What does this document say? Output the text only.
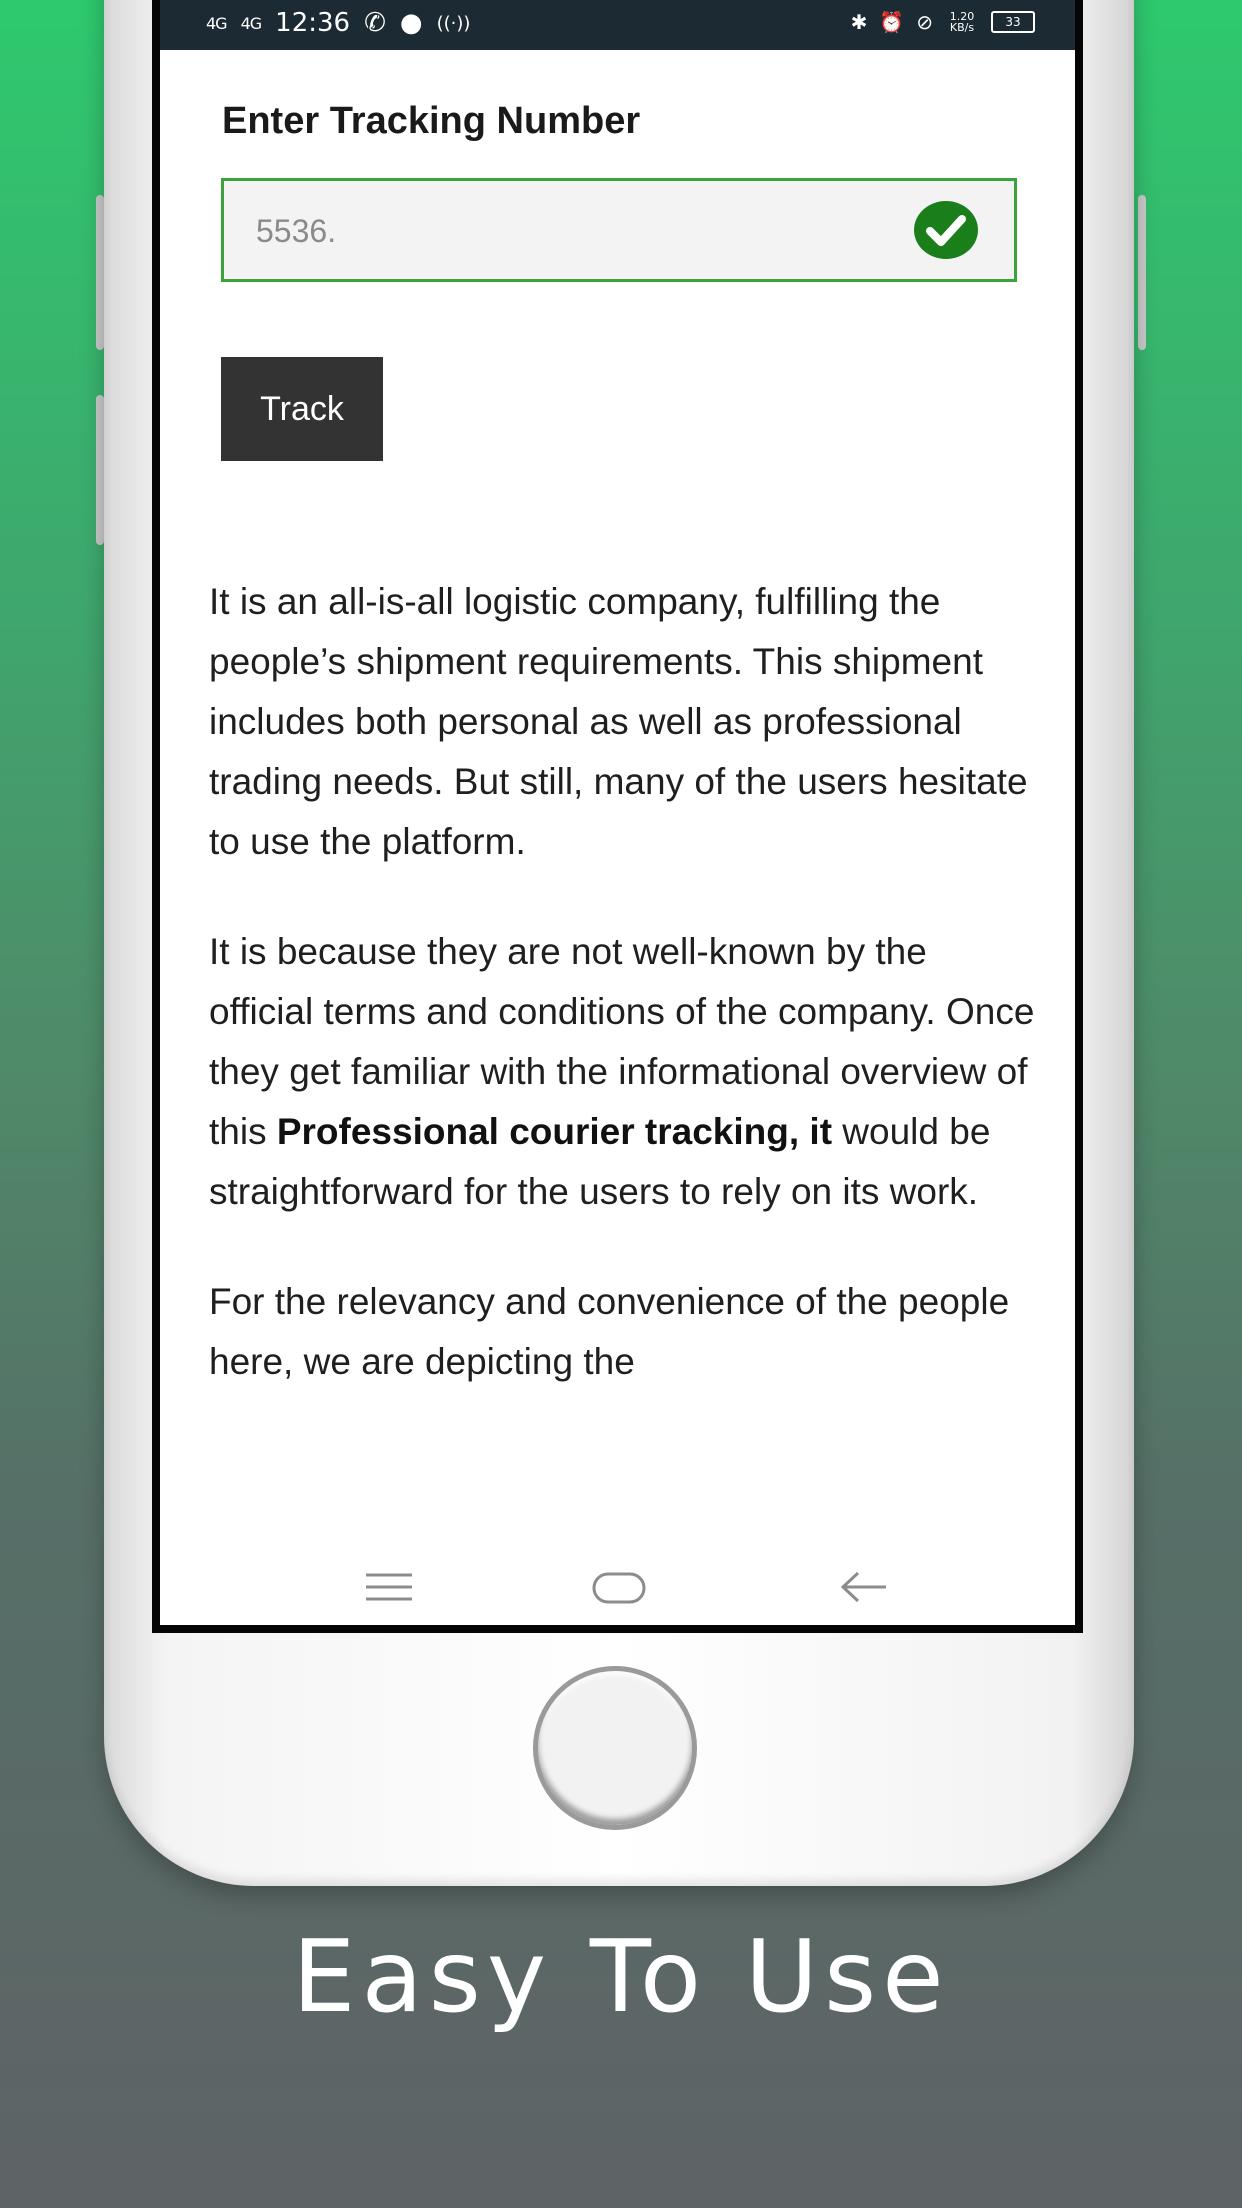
4G 4G 12:36 ✆ ● ((·))	✱ ⏰ ⊘	1.20 KB/s	33
Enter Tracking Number
5536.
Track

It is an all-is-all logistic company, fulfilling the people’s shipment requirements. This shipment includes both personal as well as professional trading needs. But still, many of the users hesitate to use the platform.

It is because they are not well-known by the official terms and conditions of the company. Once they get familiar with the informational overview of this Professional courier tracking, it would be straightforward for the users to rely on its work.

For the relevancy and convenience of the people here, we are depicting the

Easy To Use
